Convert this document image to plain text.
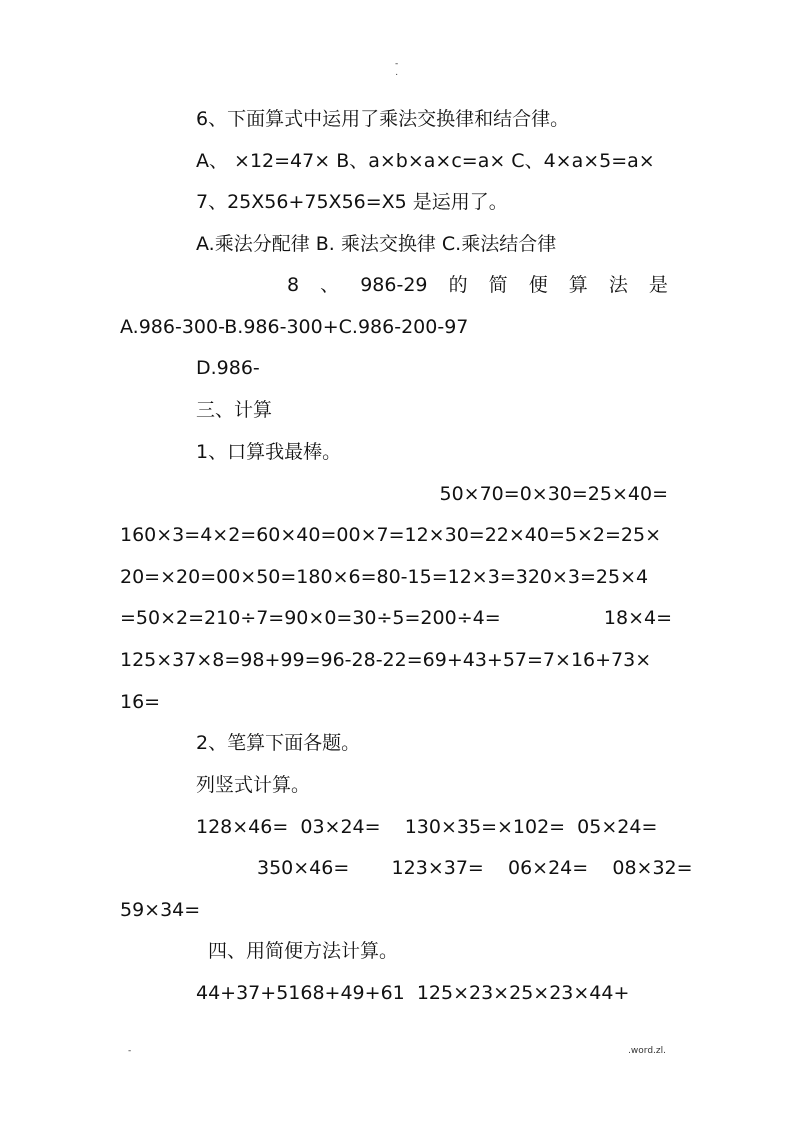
-
.
6、下面算式中运用了乘法交换律和结合律。
A、 ×12=47× B、a×b×a×c=a× C、4×a×5=a×
7、25X56+75X56=X5 是运用了。
A.乘法分配律 B. 乘法交换律 C.乘法结合律
8 、 986-29 的 简 便 算 法 是
A.986-300-B.986-300+C.986-200-97
D.986-
三、计算
1、口算我最棒。
50×70=0×30=25×40=
160×3=4×2=60×40=00×7=12×30=22×40=5×2=25×
20=×20=00×50=180×6=80-15=12×3=320×3=25×4
=50×2=210÷7=90×0=30÷5=200÷4=	18×4=
125×37×8=98+99=96-28-22=69+43+57=7×16+73×
16=
2、笔算下面各题。
列竖式计算。
128×46=  03×24=    130×35=×102=  05×24=
350×46=       123×37=    06×24=    08×32=
59×34=
四、用简便方法计算。
44+37+5168+49+61  125×23×25×23×44+
-	.word.zl.
